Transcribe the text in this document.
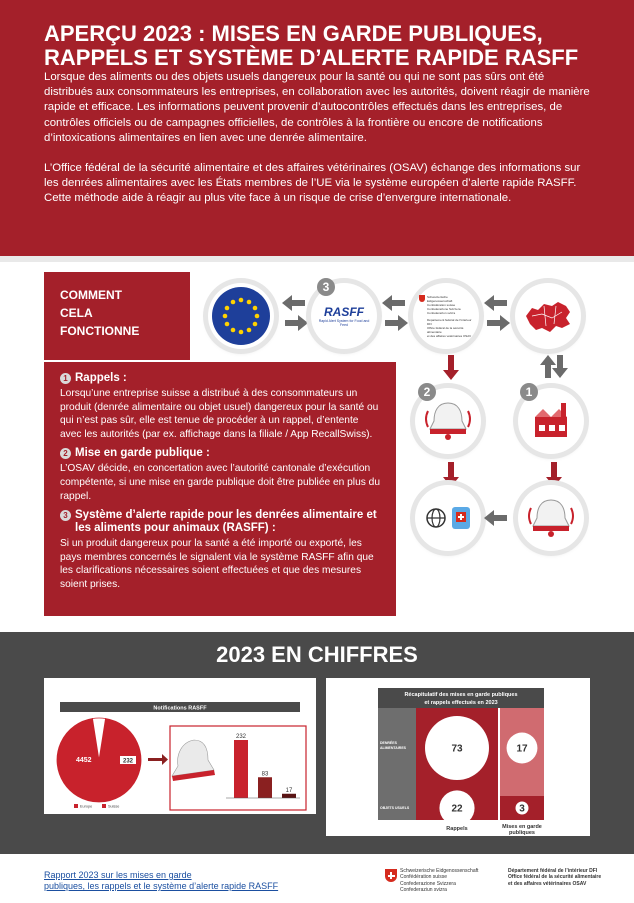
APERÇU 2023 : MISES EN GARDE PUBLIQUES,
RAPPELS ET SYSTÈME D’ALERTE RAPIDE RASFF

Lorsque des aliments ou des objets usuels dangereux pour la santé ou qui ne sont pas sûrs ont été distribués aux consommateurs les entreprises, en collaboration avec les autorités, doivent réagir de manière rapide et efficace. Les informations peuvent provenir d’autocontrôles effectués dans les entreprises, de contrôles officiels ou de campagnes officielles, de contrôles à la frontière ou encore de notifications d’intoxications alimentaires en lien avec une denrée alimentaire.

L’Office fédéral de la sécurité alimentaire et des affaires vétérinaires (OSAV) échange des informations sur les denrées alimentaires avec les États membres de l’UE via le système européen d’alerte rapide RASFF. Cette méthode aide à réagir au plus vite face à un risque de crise d’envergure internationale.

COMMENT
CELA
FONCTIONNE
RASFF
Rapid Alert System for Food and Feed
3
Schweizerische Eidgenossenschaft
Confédération suisse
Confederazione Svizzera
Confederaziun svizra
Département fédéral de l’intérieur DFI
Office fédéral de la sécurité alimentaire
et des affaires vétérinaires OSAV
2	1
1 Rappels :

Lorsqu’une entreprise suisse a distribué à des consommateurs un produit (denrée alimentaire ou objet usuel) dangereux pour la santé ou qui n’est pas sûr, elle est tenue de procéder à un rappel, d’entente avec les autorités (par ex. affichage dans la filiale / App RecallSwiss).

2 Mise en garde publique :

L’OSAV décide, en concertation avec l’autorité cantonale d’exécution compétente, si une mise en garde publique doit être publiée en plus du rappel.

3 Système d’alerte rapide pour les denrées alimentaire et les aliments pour animaux (RASFF) :

Si un produit dangereux pour la santé a été importé ou exporté, les pays membres concernés le signalent via le système RASFF afin que les clarifications nécessaires soient effectuées et que des mesures soient prises.

2023 EN CHIFFRES
Notifications RASFF
4452	232
Europe	Suisse
232
83
17
Récapitulatif des mises en garde publiques
et rappels effectués en 2023
DENRÉES
ALIMENTAIRES
OBJETS USUELS
73	17
22	3
Rappels	Mises en garde
publiques
Rapport 2023 sur les mises en garde
publiques, les rappels et le système d’alerte rapide RASFF
Schweizerische Eidgenossenschaft
Confédération suisse
Confederazione Svizzera
Confederaziun svizra
Département fédéral de l’intérieur DFI
Office fédéral de la sécurité alimentaire
et des affaires vétérinaires OSAV
